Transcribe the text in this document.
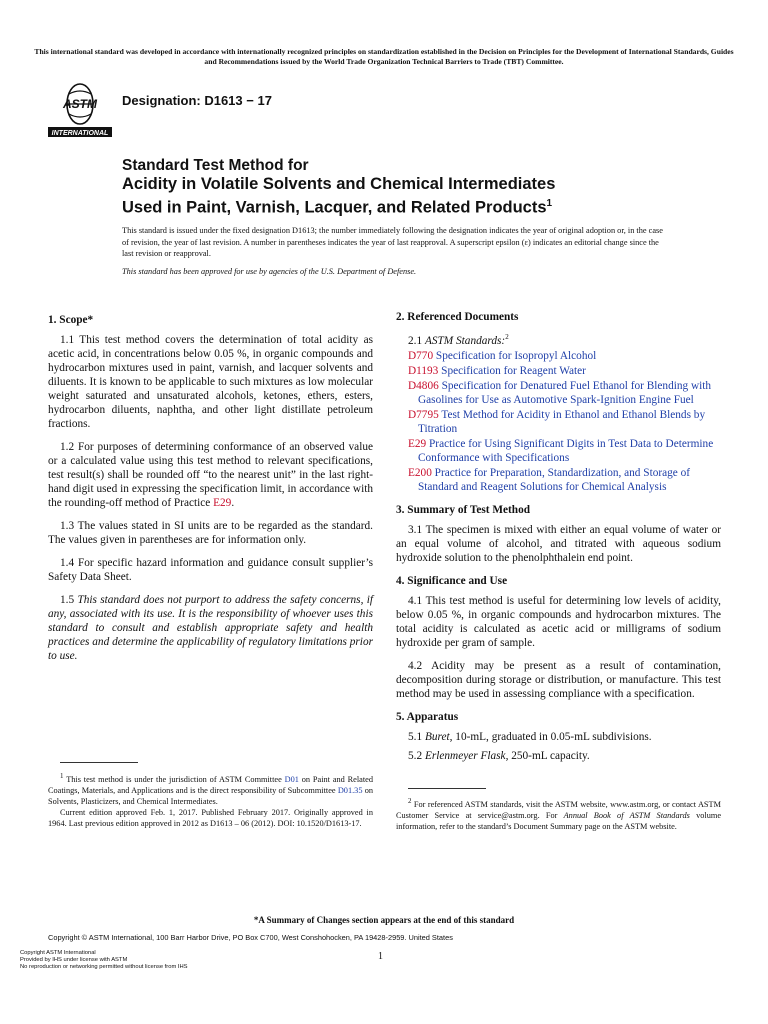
This international standard was developed in accordance with internationally recognized principles on standardization established in the Decision on Principles for the Development of International Standards, Guides and Recommendations issued by the World Trade Organization Technical Barriers to Trade (TBT) Committee.
ASTM
INTERNATIONAL
Designation: D1613 − 17
Standard Test Method for
Acidity in Volatile Solvents and Chemical Intermediates
Used in Paint, Varnish, Lacquer, and Related Products$^1$

This standard is issued under the fixed designation D1613; the number immediately following the designation indicates the year of original adoption or, in the case of revision, the year of last revision. A number in parentheses indicates the year of last reapproval. A superscript epsilon (ε) indicates an editorial change since the last revision or reapproval.

This standard has been approved for use by agencies of the U.S. Department of Defense.
1. Scope*

1.1 This test method covers the determination of total acidity as acetic acid, in concentrations below 0.05 %, in organic compounds and hydrocarbon mixtures used in paint, varnish, and lacquer solvents and diluents. It is known to be applicable to such mixtures as low molecular weight saturated and unsaturated alcohols, ketones, ethers, esters, hydrocarbon diluents, naphtha, and other light distillate petroleum fractions.

1.2 For purposes of determining conformance of an observed value or a calculated value using this test method to relevant specifications, test result(s) shall be rounded off “to the nearest unit” in the last right-hand digit used in expressing the specification limit, in accordance with the rounding-off method of Practice E29.

1.3 The values stated in SI units are to be regarded as the standard. The values given in parentheses are for information only.

1.4 For specific hazard information and guidance consult supplier’s Safety Data Sheet.

1.5 This standard does not purport to address the safety concerns, if any, associated with its use. It is the responsibility of whoever uses this standard to consult and establish appropriate safety and health practices and determine the applicability of regulatory limitations prior to use.

2. Referenced Documents
2.1 ASTM Standards:$^2$
D770 Specification for Isopropyl Alcohol
D1193 Specification for Reagent Water
D4806 Specification for Denatured Fuel Ethanol for Blending with Gasolines for Use as Automotive Spark-Ignition Engine Fuel
D7795 Test Method for Acidity in Ethanol and Ethanol Blends by Titration
E29 Practice for Using Significant Digits in Test Data to Determine Conformance with Specifications
E200 Practice for Preparation, Standardization, and Storage of Standard and Reagent Solutions for Chemical Analysis
3. Summary of Test Method

3.1 The specimen is mixed with either an equal volume of water or an equal volume of alcohol, and titrated with aqueous sodium hydroxide solution to the phenolphthalein end point.

4. Significance and Use

4.1 This test method is useful for determining low levels of acidity, below 0.05 %, in organic compounds and hydrocarbon mixtures. The total acidity is calculated as acetic acid or milligrams of sodium hydroxide per gram of sample.

4.2 Acidity may be present as a result of contamination, decomposition during storage or distribution, or manufacture. This test method may be used in assessing compliance with a specification.

5. Apparatus

5.1 Buret, 10-mL, graduated in 0.05-mL subdivisions.

5.2 Erlenmeyer Flask, 250-mL capacity.

$^1$ This test method is under the jurisdiction of ASTM Committee D01 on Paint and Related Coatings, Materials, and Applications and is the direct responsibility of Subcommittee D01.35 on Solvents, Plasticizers, and Chemical Intermediates.

Current edition approved Feb. 1, 2017. Published February 2017. Originally approved in 1964. Last previous edition approved in 2012 as D1613 – 06 (2012). DOI: 10.1520/D1613-17.

$^2$ For referenced ASTM standards, visit the ASTM website, www.astm.org, or contact ASTM Customer Service at service@astm.org. For Annual Book of ASTM Standards volume information, refer to the standard’s Document Summary page on the ASTM website.

*A Summary of Changes section appears at the end of this standard
Copyright © ASTM International, 100 Barr Harbor Drive, PO Box C700, West Conshohocken, PA 19428-2959. United States
1
Copyright ASTM International
Provided by IHS under license with ASTM
No reproduction or networking permitted without license from IHS
